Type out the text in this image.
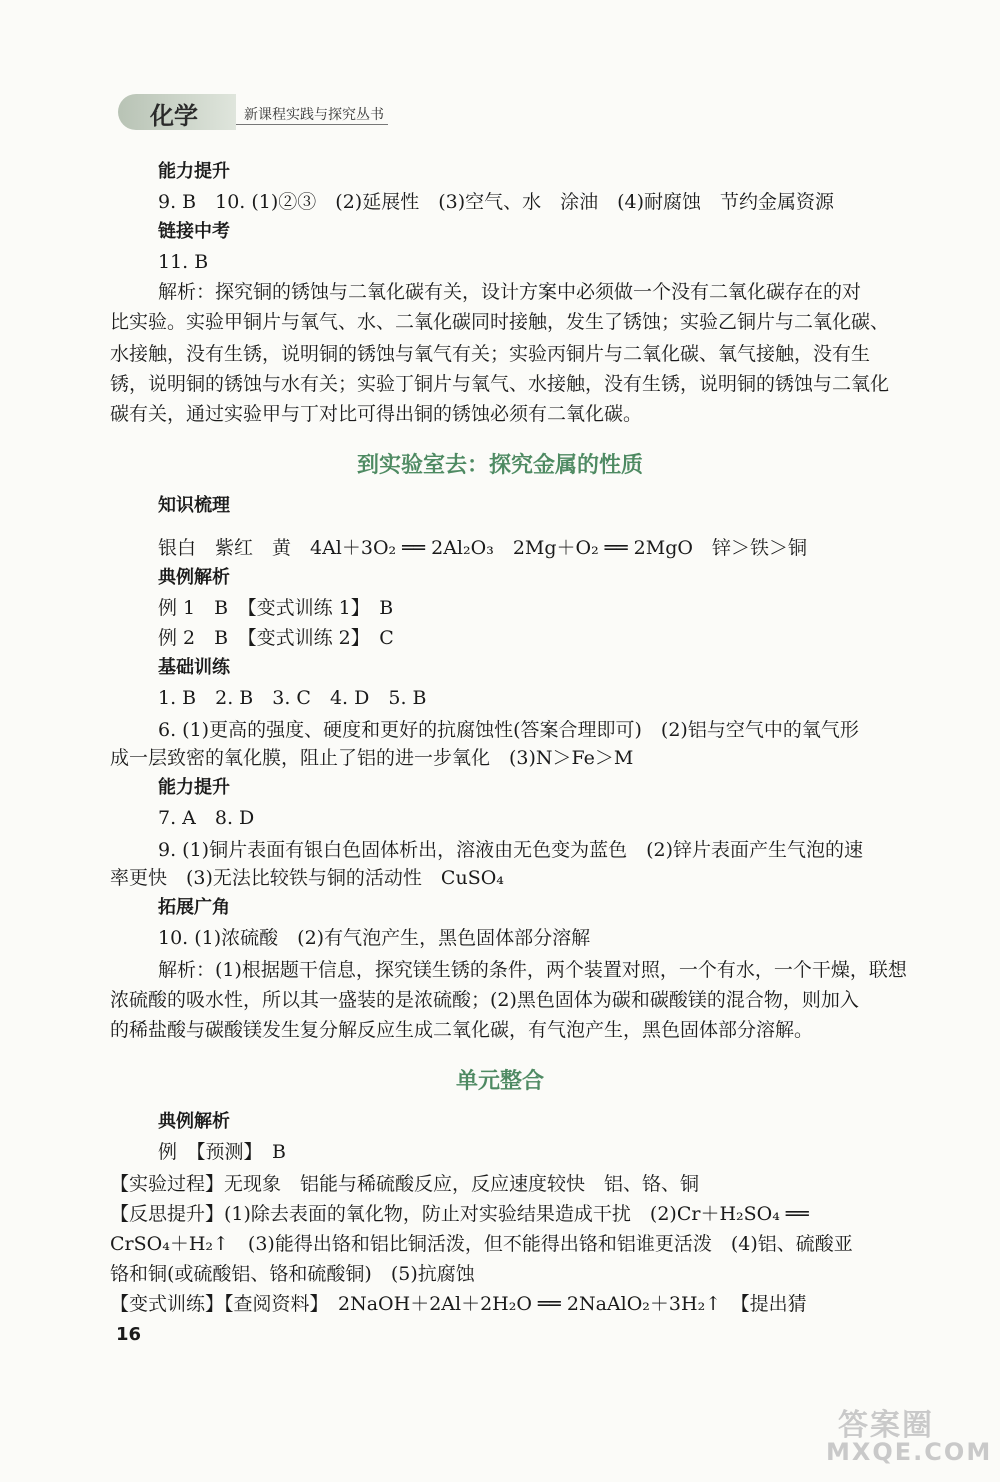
化学	新课程实践与探究丛书
能力提升
9. B　10. (1)②③　(2)延展性　(3)空气、水　涂油　(4)耐腐蚀　节约金属资源
链接中考
11. B
解析：探究铜的锈蚀与二氧化碳有关，设计方案中必须做一个没有二氧化碳存在的对
比实验。实验甲铜片与氧气、水、二氧化碳同时接触，发生了锈蚀；实验乙铜片与二氧化碳、
水接触，没有生锈，说明铜的锈蚀与氧气有关；实验丙铜片与二氧化碳、氧气接触，没有生
锈，说明铜的锈蚀与水有关；实验丁铜片与氧气、水接触，没有生锈，说明铜的锈蚀与二氧化
碳有关，通过实验甲与丁对比可得出铜的锈蚀必须有二氧化碳。
到实验室去：探究金属的性质
知识梳理
银白　紫红　黄　4Al＋3O₂ ══ 2Al₂O₃　2Mg＋O₂ ══ 2MgO　锌＞铁＞铜
典例解析
例 1　B　【变式训练 1】　B
例 2　B　【变式训练 2】　C
基础训练
1. B　2. B　3. C　4. D　5. B
6. (1)更高的强度、硬度和更好的抗腐蚀性(答案合理即可)　(2)铝与空气中的氧气形
成一层致密的氧化膜，阻止了铝的进一步氧化　(3)N＞Fe＞M
能力提升
7. A　8. D
9. (1)铜片表面有银白色固体析出，溶液由无色变为蓝色　(2)锌片表面产生气泡的速
率更快　(3)无法比较铁与铜的活动性　CuSO₄
拓展广角
10. (1)浓硫酸　(2)有气泡产生，黑色固体部分溶解
解析：(1)根据题干信息，探究镁生锈的条件，两个装置对照，一个有水，一个干燥，联想
浓硫酸的吸水性，所以其一盛装的是浓硫酸；(2)黑色固体为碳和碳酸镁的混合物，则加入
的稀盐酸与碳酸镁发生复分解反应生成二氧化碳，有气泡产生，黑色固体部分溶解。
单元整合
典例解析
例　【预测】　B
【实验过程】无现象　铝能与稀硫酸反应，反应速度较快　铝、铬、铜
【反思提升】(1)除去表面的氧化物，防止对实验结果造成干扰　(2)Cr＋H₂SO₄ ══
CrSO₄＋H₂↑　(3)能得出铬和铝比铜活泼，但不能得出铬和铝谁更活泼　(4)铝、硫酸亚
铬和铜(或硫酸铝、铬和硫酸铜)　(5)抗腐蚀
【变式训练】【查阅资料】　2NaOH＋2Al＋2H₂O ══ 2NaAlO₂＋3H₂↑　【提出猜
16
答案圈
MXQE.COM
